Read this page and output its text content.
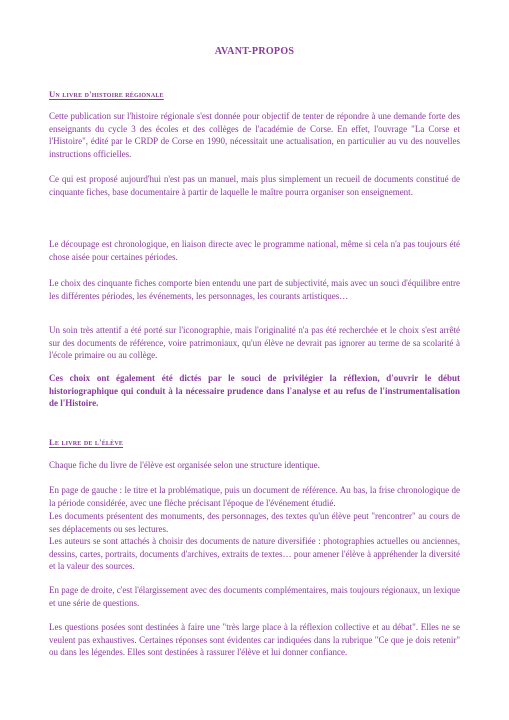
AVANT-PROPOS
Un livre d'histoire régionale

Cette publication sur l'histoire régionale s'est donnée pour objectif de tenter de répondre à une demande forte des enseignants du cycle 3 des écoles et des collèges de l'académie de Corse. En effet, l'ouvrage "La Corse et l'Histoire", édité par le CRDP de Corse en 1990, nécessitait une actualisation, en particulier au vu des nouvelles instructions officielles.

Ce qui est proposé aujourd'hui n'est pas un manuel, mais plus simplement un recueil de documents constitué de cinquante fiches, base documentaire à partir de laquelle le maître pourra organiser son enseignement.

Le découpage est chronologique, en liaison directe avec le programme national, même si cela n'a pas toujours été chose aisée pour certaines périodes.

Le choix des cinquante fiches comporte bien entendu une part de subjectivité, mais avec un souci d'équilibre entre les différentes périodes, les événements, les personnages, les courants artistiques…

Un soin très attentif a été porté sur l'iconographie, mais l'originalité n'a pas été recherchée et le choix s'est arrêté sur des documents de référence, voire patrimoniaux, qu'un élève ne devrait pas ignorer au terme de sa scolarité à l'école primaire ou au collège.

Ces choix ont également été dictés par le souci de privilégier la réflexion, d'ouvrir le début historiographique qui conduit à la nécessaire prudence dans l'analyse et au refus de l'instrumentalisation de l'Histoire.

Le livre de l'élève

Chaque fiche du livre de l'élève est organisée selon une structure identique.

En page de gauche : le titre et la problématique, puis un document de référence. Au bas, la frise chronologique de la période considérée, avec une flèche précisant l'époque de l'événement étudié.

Les documents présentent des monuments, des personnages, des textes qu'un élève peut "rencontrer" au cours de ses déplacements ou ses lectures.

Les auteurs se sont attachés à choisir des documents de nature diversifiée : photographies actuelles ou anciennes, dessins, cartes, portraits, documents d'archives, extraits de textes… pour amener l'élève à appréhender la diversité et la valeur des sources.

En page de droite, c'est l'élargissement avec des documents complémentaires, mais toujours régionaux, un lexique et une série de questions.

Les questions posées sont destinées à faire une "très large place à la réflexion collective et au débat". Elles ne se veulent pas exhaustives. Certaines réponses sont évidentes car indiquées dans la rubrique "Ce que je dois retenir" ou dans les légendes. Elles sont destinées à rassurer l'élève et lui donner confiance.
